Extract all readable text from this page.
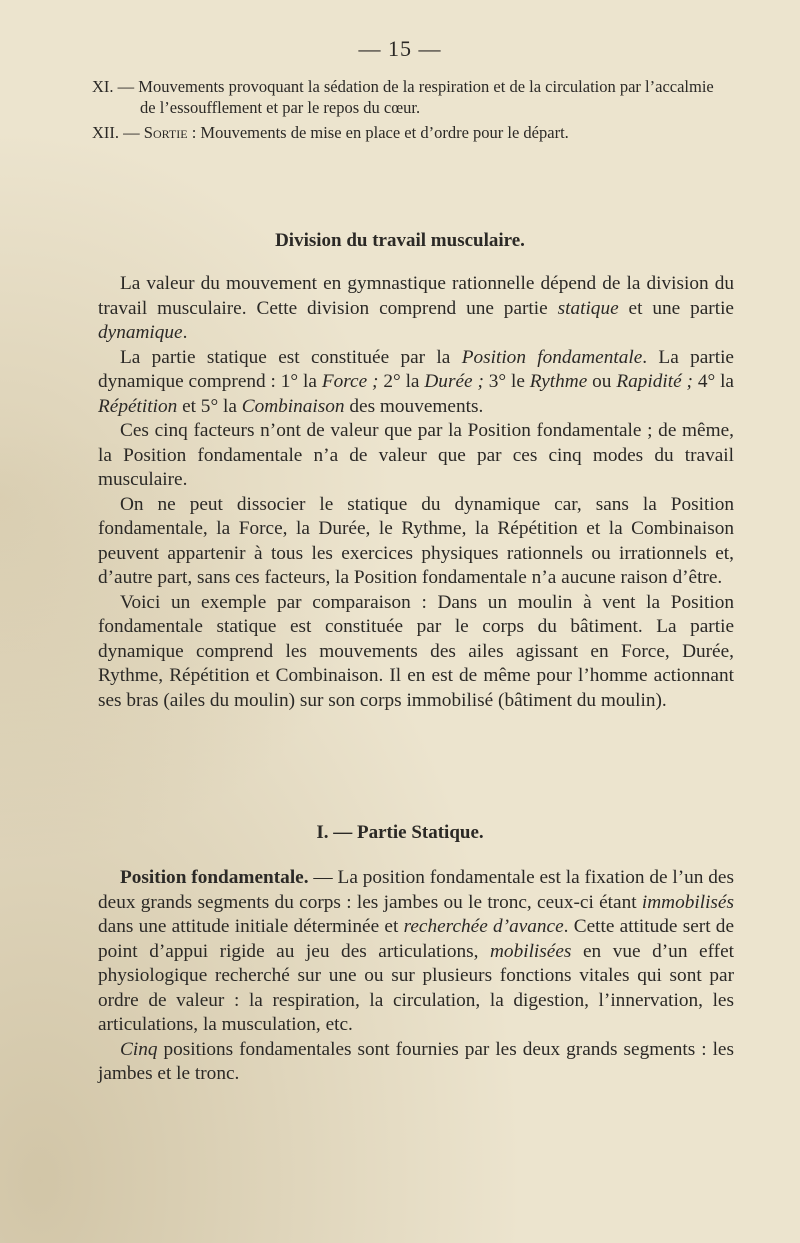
— 15 —
XI. — Mouvements provoquant la sédation de la respiration et de la circulation par l’accalmie de l’essoufflement et par le repos du cœur.
XII. — Sortie : Mouvements de mise en place et d’ordre pour le départ.
Division du travail musculaire.

La valeur du mouvement en gymnastique rationnelle dépend de la division du travail musculaire. Cette division comprend une partie statique et une partie dynamique.

La partie statique est constituée par la Position fondamentale. La partie dynamique comprend : 1° la Force ; 2° la Durée ; 3° le Rythme ou Rapidité ; 4° la Répétition et 5° la Combinaison des mouvements.

Ces cinq facteurs n’ont de valeur que par la Position fondamentale ; de même, la Position fondamentale n’a de valeur que par ces cinq modes du travail musculaire.

On ne peut dissocier le statique du dynamique car, sans la Position fondamentale, la Force, la Durée, le Rythme, la Répétition et la Combinaison peuvent appartenir à tous les exercices physiques rationnels ou irrationnels et, d’autre part, sans ces facteurs, la Position fondamentale n’a aucune raison d’être.

Voici un exemple par comparaison : Dans un moulin à vent la Position fondamentale statique est constituée par le corps du bâtiment. La partie dynamique comprend les mouvements des ailes agissant en Force, Durée, Rythme, Répétition et Combinaison. Il en est de même pour l’homme actionnant ses bras (ailes du moulin) sur son corps immobilisé (bâtiment du moulin).

I. — Partie Statique.

Position fondamentale. — La position fondamentale est la fixation de l’un des deux grands segments du corps : les jambes ou le tronc, ceux-ci étant immobilisés dans une attitude initiale déterminée et recherchée d’avance. Cette attitude sert de point d’appui rigide au jeu des articulations, mobilisées en vue d’un effet physiologique recherché sur une ou sur plusieurs fonctions vitales qui sont par ordre de valeur : la respiration, la circulation, la digestion, l’innervation, les articulations, la musculation, etc.

Cinq positions fondamentales sont fournies par les deux grands segments : les jambes et le tronc.
